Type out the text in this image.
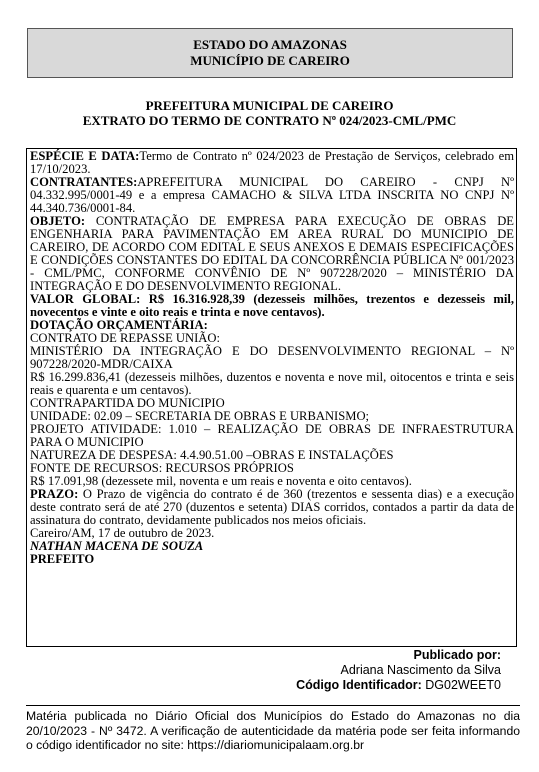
ESTADO DO AMAZONAS
MUNICÍPIO DE CAREIRO
PREFEITURA MUNICIPAL DE CAREIRO
EXTRATO DO TERMO DE CONTRATO Nº 024/2023-CML/PMC

ESPÉCIE E DATA:Termo de Contrato nº 024/2023 de Prestação de Serviços, celebrado em 17/10/2023.

CONTRATANTES:APREFEITURA MUNICIPAL DO CAREIRO - CNPJ Nº 04.332.995/0001-49 e a empresa CAMACHO & SILVA LTDA INSCRITA NO CNPJ Nº 44.340.736/0001-84.

OBJETO: CONTRATAÇÃO DE EMPRESA PARA EXECUÇÃO DE OBRAS DE ENGENHARIA PARA PAVIMENTAÇÃO EM AREA RURAL DO MUNICIPIO DE CAREIRO, DE ACORDO COM EDITAL E SEUS ANEXOS E DEMAIS ESPECIFICAÇÕES E CONDIÇÕES CONSTANTES DO EDITAL DA CONCORRÊNCIA PÚBLICA Nº 001/2023 - CML/PMC, CONFORME CONVÊNIO DE Nº 907228/2020 – MINISTÉRIO DA INTEGRAÇÃO E DO DESENVOLVIMENTO REGIONAL.

VALOR GLOBAL: R$ 16.316.928,39 (dezesseis milhões, trezentos e dezesseis mil, novecentos e vinte e oito reais e trinta e nove centavos).

DOTAÇÃO ORÇAMENTÁRIA:

CONTRATO DE REPASSE UNIÃO:

MINISTÉRIO DA INTEGRAÇÃO E DO DESENVOLVIMENTO REGIONAL – Nº 907228/2020-MDR/CAIXA

R$ 16.299.836,41 (dezesseis milhões, duzentos e noventa e nove mil, oitocentos e trinta e seis reais e quarenta e um centavos).

CONTRAPARTIDA DO MUNICIPIO

UNIDADE: 02.09 – SECRETARIA DE OBRAS E URBANISMO;

PROJETO ATIVIDADE: 1.010 – REALIZAÇÃO DE OBRAS DE INFRAESTRUTURA PARA O MUNICIPIO

NATUREZA DE DESPESA: 4.4.90.51.00 –OBRAS E INSTALAÇÕES

FONTE DE RECURSOS: RECURSOS PRÓPRIOS

R$ 17.091,98 (dezessete mil, noventa e um reais e noventa e oito centavos).

PRAZO: O Prazo de vigência do contrato é de 360 (trezentos e sessenta dias) e a execução deste contrato será de até 270 (duzentos e setenta) DIAS corridos, contados a partir da data de assinatura do contrato, devidamente publicados nos meios oficiais.

Careiro/AM, 17 de outubro de 2023.

NATHAN MACENA DE SOUZA

PREFEITO

Publicado por:
Adriana Nascimento da Silva
Código Identificador: DG02WEET0
Matéria publicada no Diário Oficial dos Municípios do Estado do Amazonas no dia 20/10/2023 - Nº 3472. A verificação de autenticidade da matéria pode ser feita informando o código identificador no site: https://diariomunicipalaam.org.br
